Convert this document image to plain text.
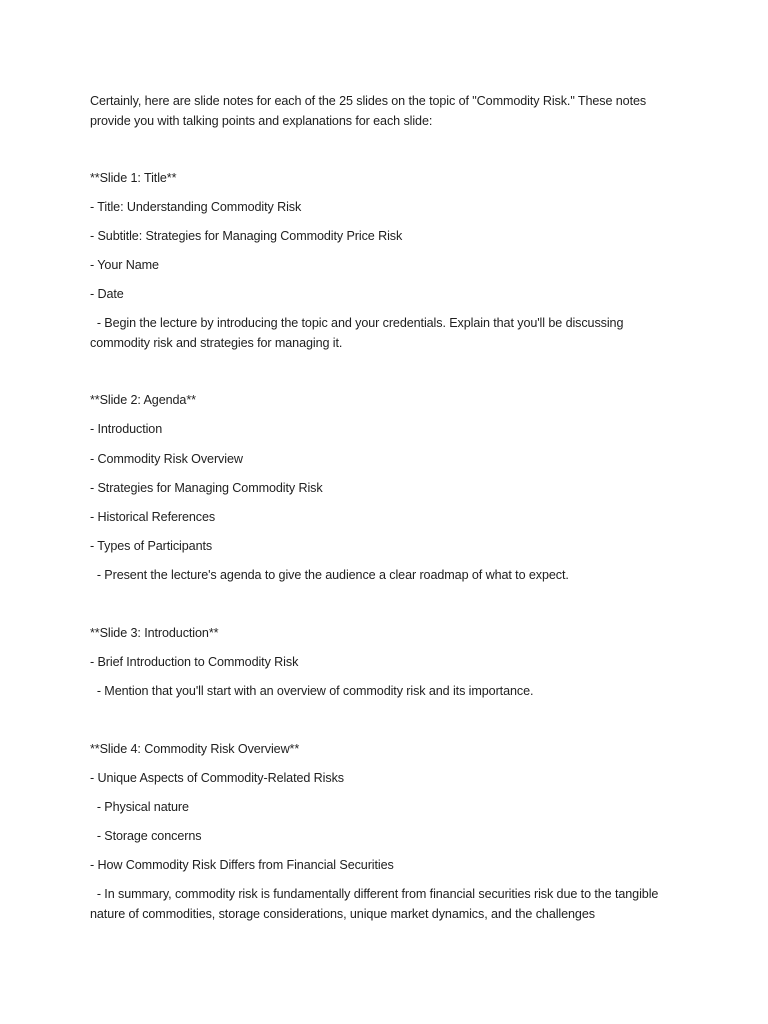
Certainly, here are slide notes for each of the 25 slides on the topic of "Commodity Risk." These notes provide you with talking points and explanations for each slide:

**Slide 1: Title**

- Title: Understanding Commodity Risk

- Subtitle: Strategies for Managing Commodity Price Risk

- Your Name

- Date

- Begin the lecture by introducing the topic and your credentials. Explain that you'll be discussing commodity risk and strategies for managing it.

**Slide 2: Agenda**

- Introduction

- Commodity Risk Overview

- Strategies for Managing Commodity Risk

- Historical References

- Types of Participants

- Present the lecture's agenda to give the audience a clear roadmap of what to expect.

**Slide 3: Introduction**

- Brief Introduction to Commodity Risk

- Mention that you'll start with an overview of commodity risk and its importance.

**Slide 4: Commodity Risk Overview**

- Unique Aspects of Commodity-Related Risks

- Physical nature

- Storage concerns

- How Commodity Risk Differs from Financial Securities

- In summary, commodity risk is fundamentally different from financial securities risk due to the tangible nature of commodities, storage considerations, unique market dynamics, and the challenges
